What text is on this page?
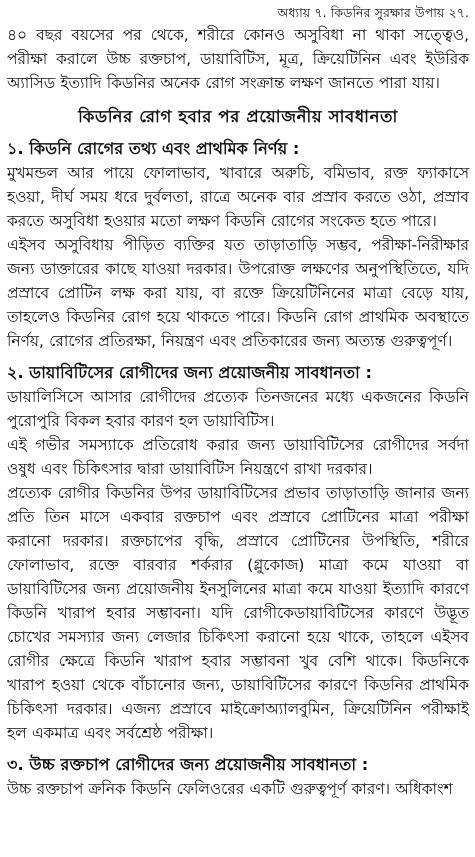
অধ্যায় ৭. কিডনির সুরক্ষার উপায় ২৭.

৪০ বছর বয়সের পর থেকে, শরীরে কোনও অসুবিধা না থাকা সত্ত্বেও, পরীক্ষা করালে উচ্চ রক্তচাপ, ডায়াবিটিস, মূত্র, ক্রিয়েটিনিন এবং ইউরিক অ্যাসিড ইত্যাদি কিডনির অনেক রোগ সংক্রান্ত লক্ষণ জানতে পারা যায়।

কিডনির রোগ হবার পর প্রয়োজনীয় সাবধানতা
১. কিডনি রোগের তথ্য এবং প্রাথমিক নির্ণয় :

মুখমন্ডল আর পায়ে ফোলাভাব, খাবারে অরুচি, বমিভাব, রক্ত ফ্যাকাসে হওয়া, দীর্ঘ সময় ধরে দুর্বলতা, রাত্রে অনেক বার প্রস্রাব করতে ওঠা, প্রস্রাব করতে অসুবিধা হওয়ার মতো লক্ষণ কিডনি রোগের সংকেত হতে পারে।

এইসব অসুবিধায় পীড়িত ব্যক্তির যত তাড়াতাড়ি সম্ভব, পরীক্ষা-নিরীক্ষার জন্য ডাক্তারের কাছে যাওয়া দরকার। উপরোক্ত লক্ষণের অনুপস্থিতিতে, যদি প্রস্রাবে প্রোটিন লক্ষ করা যায়, বা রক্তে ক্রিয়েটিনিনের মাত্রা বেড়ে যায়, তাহলেও কিডনির রোগ হয়ে থাকতে পারে। কিডনি রোগ প্রাথমিক অবস্থাতে নির্ণয়, রোগের প্রতিরক্ষা, নিয়ন্ত্রণ এবং প্রতিকারের জন্য অত্যন্ত গুরুত্বপূর্ণ।

২. ডায়াবিটিসের রোগীদের জন্য প্রয়োজনীয় সাবধানতা :

ডায়ালিসিসে আসার রোগীদের প্রত্যেক তিনজনের মধ্যে একজনের কিডনি পুরোপুরি বিকল হবার কারণ হল ডায়াবিটিস।

এই গভীর সমস্যাকে প্রতিরোধ করার জন্য ডায়াবিটিসের রোগীদের সর্বদা ওষুধ এবং চিকিৎসার দ্বারা ডায়াবিটিস নিয়ন্ত্রণে রাখা দরকার।

প্রত্যেক রোগীর কিডনির উপর ডায়াবিটিসের প্রভাব তাড়াতাড়ি জানার জন্য প্রতি তিন মাসে একবার রক্তচাপ এবং প্রস্রাবে প্রোটিনের মাত্রা পরীক্ষা করানো দরকার। রক্তচাপের বৃদ্ধি, প্রস্রাবে প্রোটিনের উপস্থিতি, শরীরে ফোলাভাব, রক্তে বারবার শর্করার (গ্লুকোজ) মাত্রা কমে যাওয়া বা ডায়াবিটিসের জন্য প্রয়োজনীয় ইনসুলিনের মাত্রা কমে যাওয়া ইত্যাদি কারণে কিডনি খারাপ হবার সম্ভাবনা। যদি রোগীকেডায়াবিটিসের কারণে উদ্ভূত চোখের সমস্যার জন্য লেজার চিকিৎসা করানো হয়ে থাকে, তাহলে এইসব রোগীর ক্ষেত্রে কিডনি খারাপ হবার সম্ভাবনা খুব বেশি থাকে। কিডনিকে খারাপ হওয়া থেকে বাঁচানোর জন্য, ডায়াবিটিসের কারণে কিডনির প্রাথমিক চিকিৎসা দরকার। এজন্য প্রস্রাবে মাইক্রোঅ্যালবুমিন, ক্রিয়েটিনিন পরীক্ষাই হল একমাত্র এবং সর্বশ্রেষ্ঠ পরীক্ষা।

৩. উচ্চ রক্তচাপ রোগীদের জন্য প্রয়োজনীয় সাবধানতা :

উচ্চ রক্তচাপ ক্রনিক কিডনি ফেলিওরের একটি গুরুত্বপূর্ণ কারণ। অধিকাংশ
